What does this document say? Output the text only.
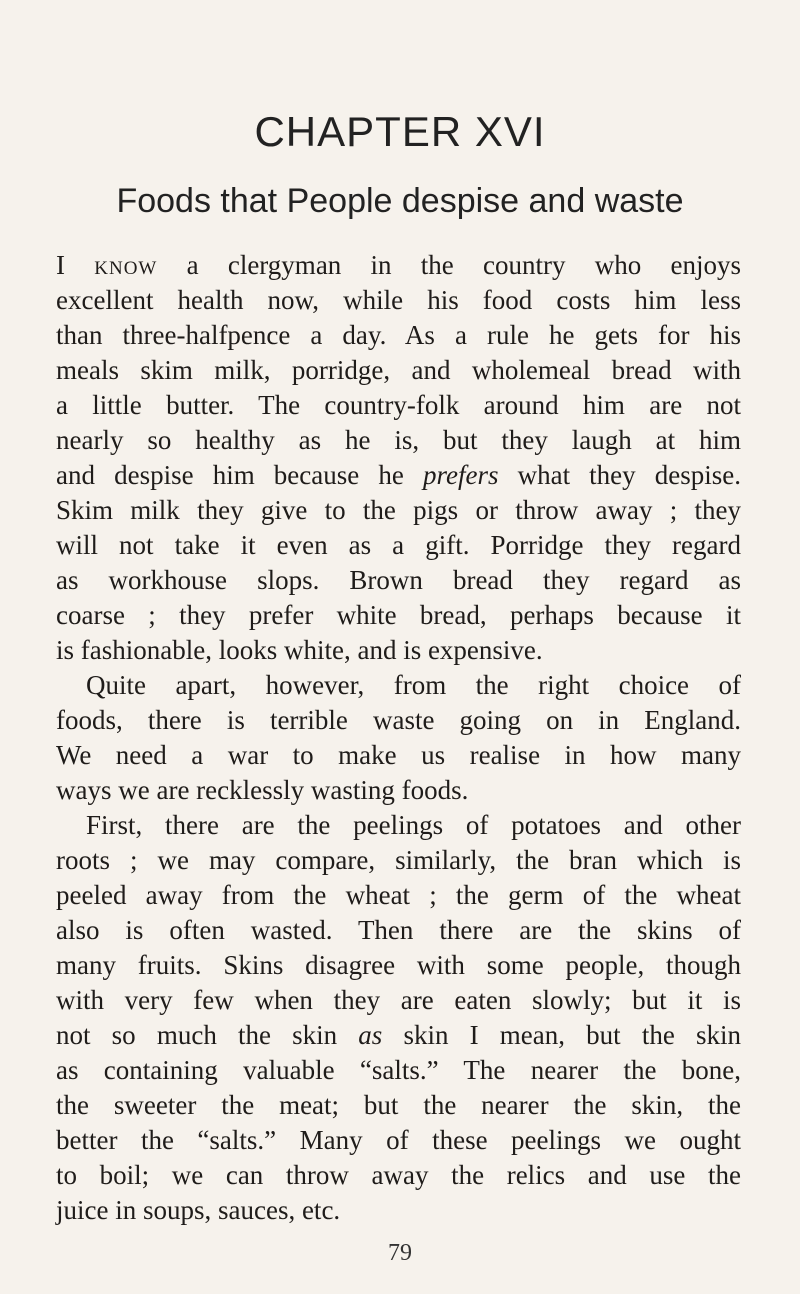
CHAPTER XVI
Foods that People despise and waste
I know a clergyman in the country who enjoys
excellent health now, while his food costs him less
than three-halfpence a day. As a rule he gets for his
meals skim milk, porridge, and wholemeal bread with
a little butter. The country-folk around him are not
nearly so healthy as he is, but they laugh at him
and despise him because he prefers what they despise.
Skim milk they give to the pigs or throw away ; they
will not take it even as a gift. Porridge they regard
as workhouse slops. Brown bread they regard as
coarse ; they prefer white bread, perhaps because it
is fashionable, looks white, and is expensive.
Quite apart, however, from the right choice of
foods, there is terrible waste going on in England.
We need a war to make us realise in how many
ways we are recklessly wasting foods.
First, there are the peelings of potatoes and other
roots ; we may compare, similarly, the bran which is
peeled away from the wheat ; the germ of the wheat
also is often wasted. Then there are the skins of
many fruits. Skins disagree with some people, though
with very few when they are eaten slowly; but it is
not so much the skin as skin I mean, but the skin
as containing valuable “salts.” The nearer the bone,
the sweeter the meat; but the nearer the skin, the
better the “salts.” Many of these peelings we ought
to boil; we can throw away the relics and use the
juice in soups, sauces, etc.
79
